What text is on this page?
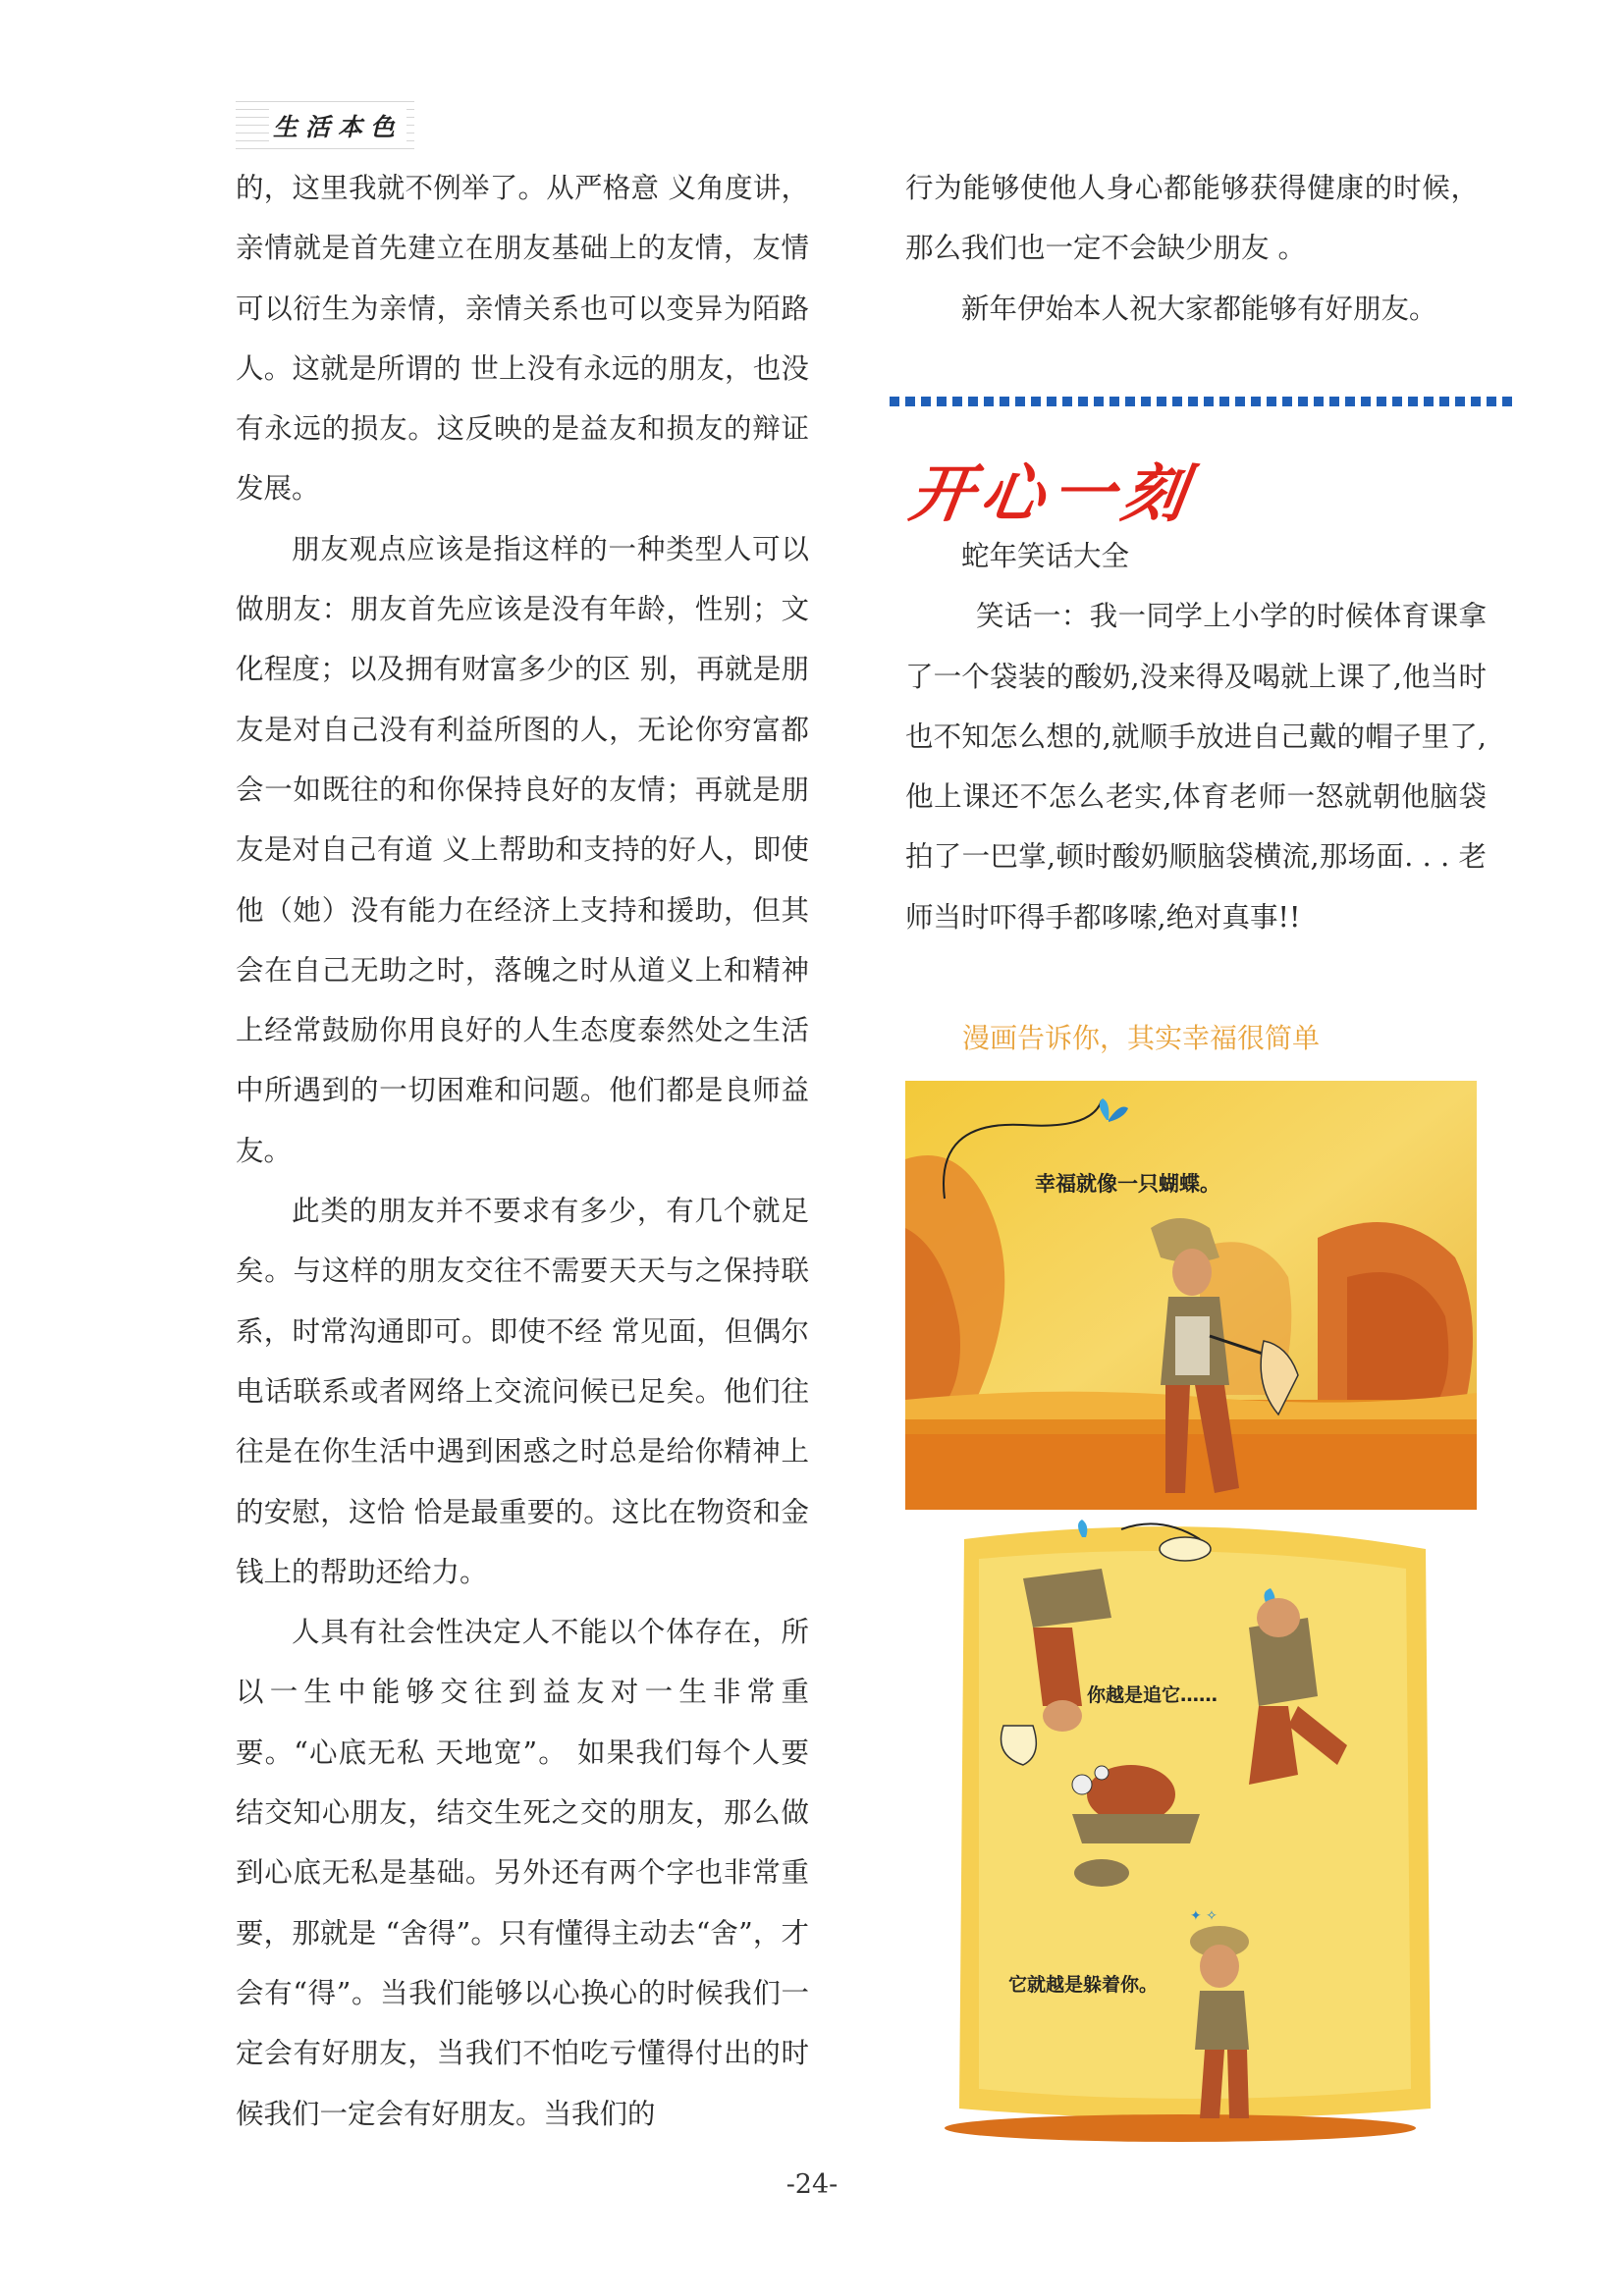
生活本色

的，这里我就不例举了。从严格意 义角度讲，亲情就是首先建立在朋友基础上的友情，友情可以衍生为亲情，亲情关系也可以变异为陌路人。这就是所谓的 世上没有永远的朋友，也没有永远的损友。这反映的是益友和损友的辩证发展。

朋友观点应该是指这样的一种类型人可以做朋友：朋友首先应该是没有年龄，性别；文化程度；以及拥有财富多少的区 别，再就是朋友是对自己没有利益所图的人，无论你穷富都会一如既往的和你保持良好的友情；再就是朋友是对自己有道 义上帮助和支持的好人，即使他（她）没有能力在经济上支持和援助，但其会在自己无助之时，落魄之时从道义上和精神 上经常鼓励你用良好的人生态度泰然处之生活中所遇到的一切困难和问题。他们都是良师益友。

此类的朋友并不要求有多少，有几个就足矣。与这样的朋友交往不需要天天与之保持联系，时常沟通即可。即使不经 常见面，但偶尔电话联系或者网络上交流问候已足矣。他们往往是在你生活中遇到困惑之时总是给你精神上的安慰，这恰 恰是最重要的。这比在物资和金钱上的帮助还给力。

人具有社会性决定人不能以个体存在，所以一生中能够交往到益友对一生非常重要。“心底无私 天地宽”。 如果我们每个人要结交知心朋友，结交生死之交的朋友，那么做到心底无私是基础。另外还有两个字也非常重要，那就是 “舍得”。只有懂得主动去“舍”，才会有“得”。当我们能够以心换心的时候我们一定会有好朋友，当我们不怕吃亏懂得付出的时候我们一定会有好朋友。当我们的

行为能够使他人身心都能够获得健康的时候，那么我们也一定不会缺少朋友 。

新年伊始本人祝大家都能够有好朋友。

开心一刻

蛇年笑话大全

笑话一：我一同学上小学的时候体育课拿了一个袋装的酸奶,没来得及喝就上课了,他当时也不知怎么想的,就顺手放进自己戴的帽子里了,他上课还不怎么老实,体育老师一怒就朝他脑袋拍了一巴掌,顿时酸奶顺脑袋横流,那场面. . . 老师当时吓得手都哆嗦,绝对真事!!

漫画告诉你，其实幸福很简单
幸福就像一只蝴蝶。
你越是追它……
✦ ✧
它就越是躲着你。
-24-
